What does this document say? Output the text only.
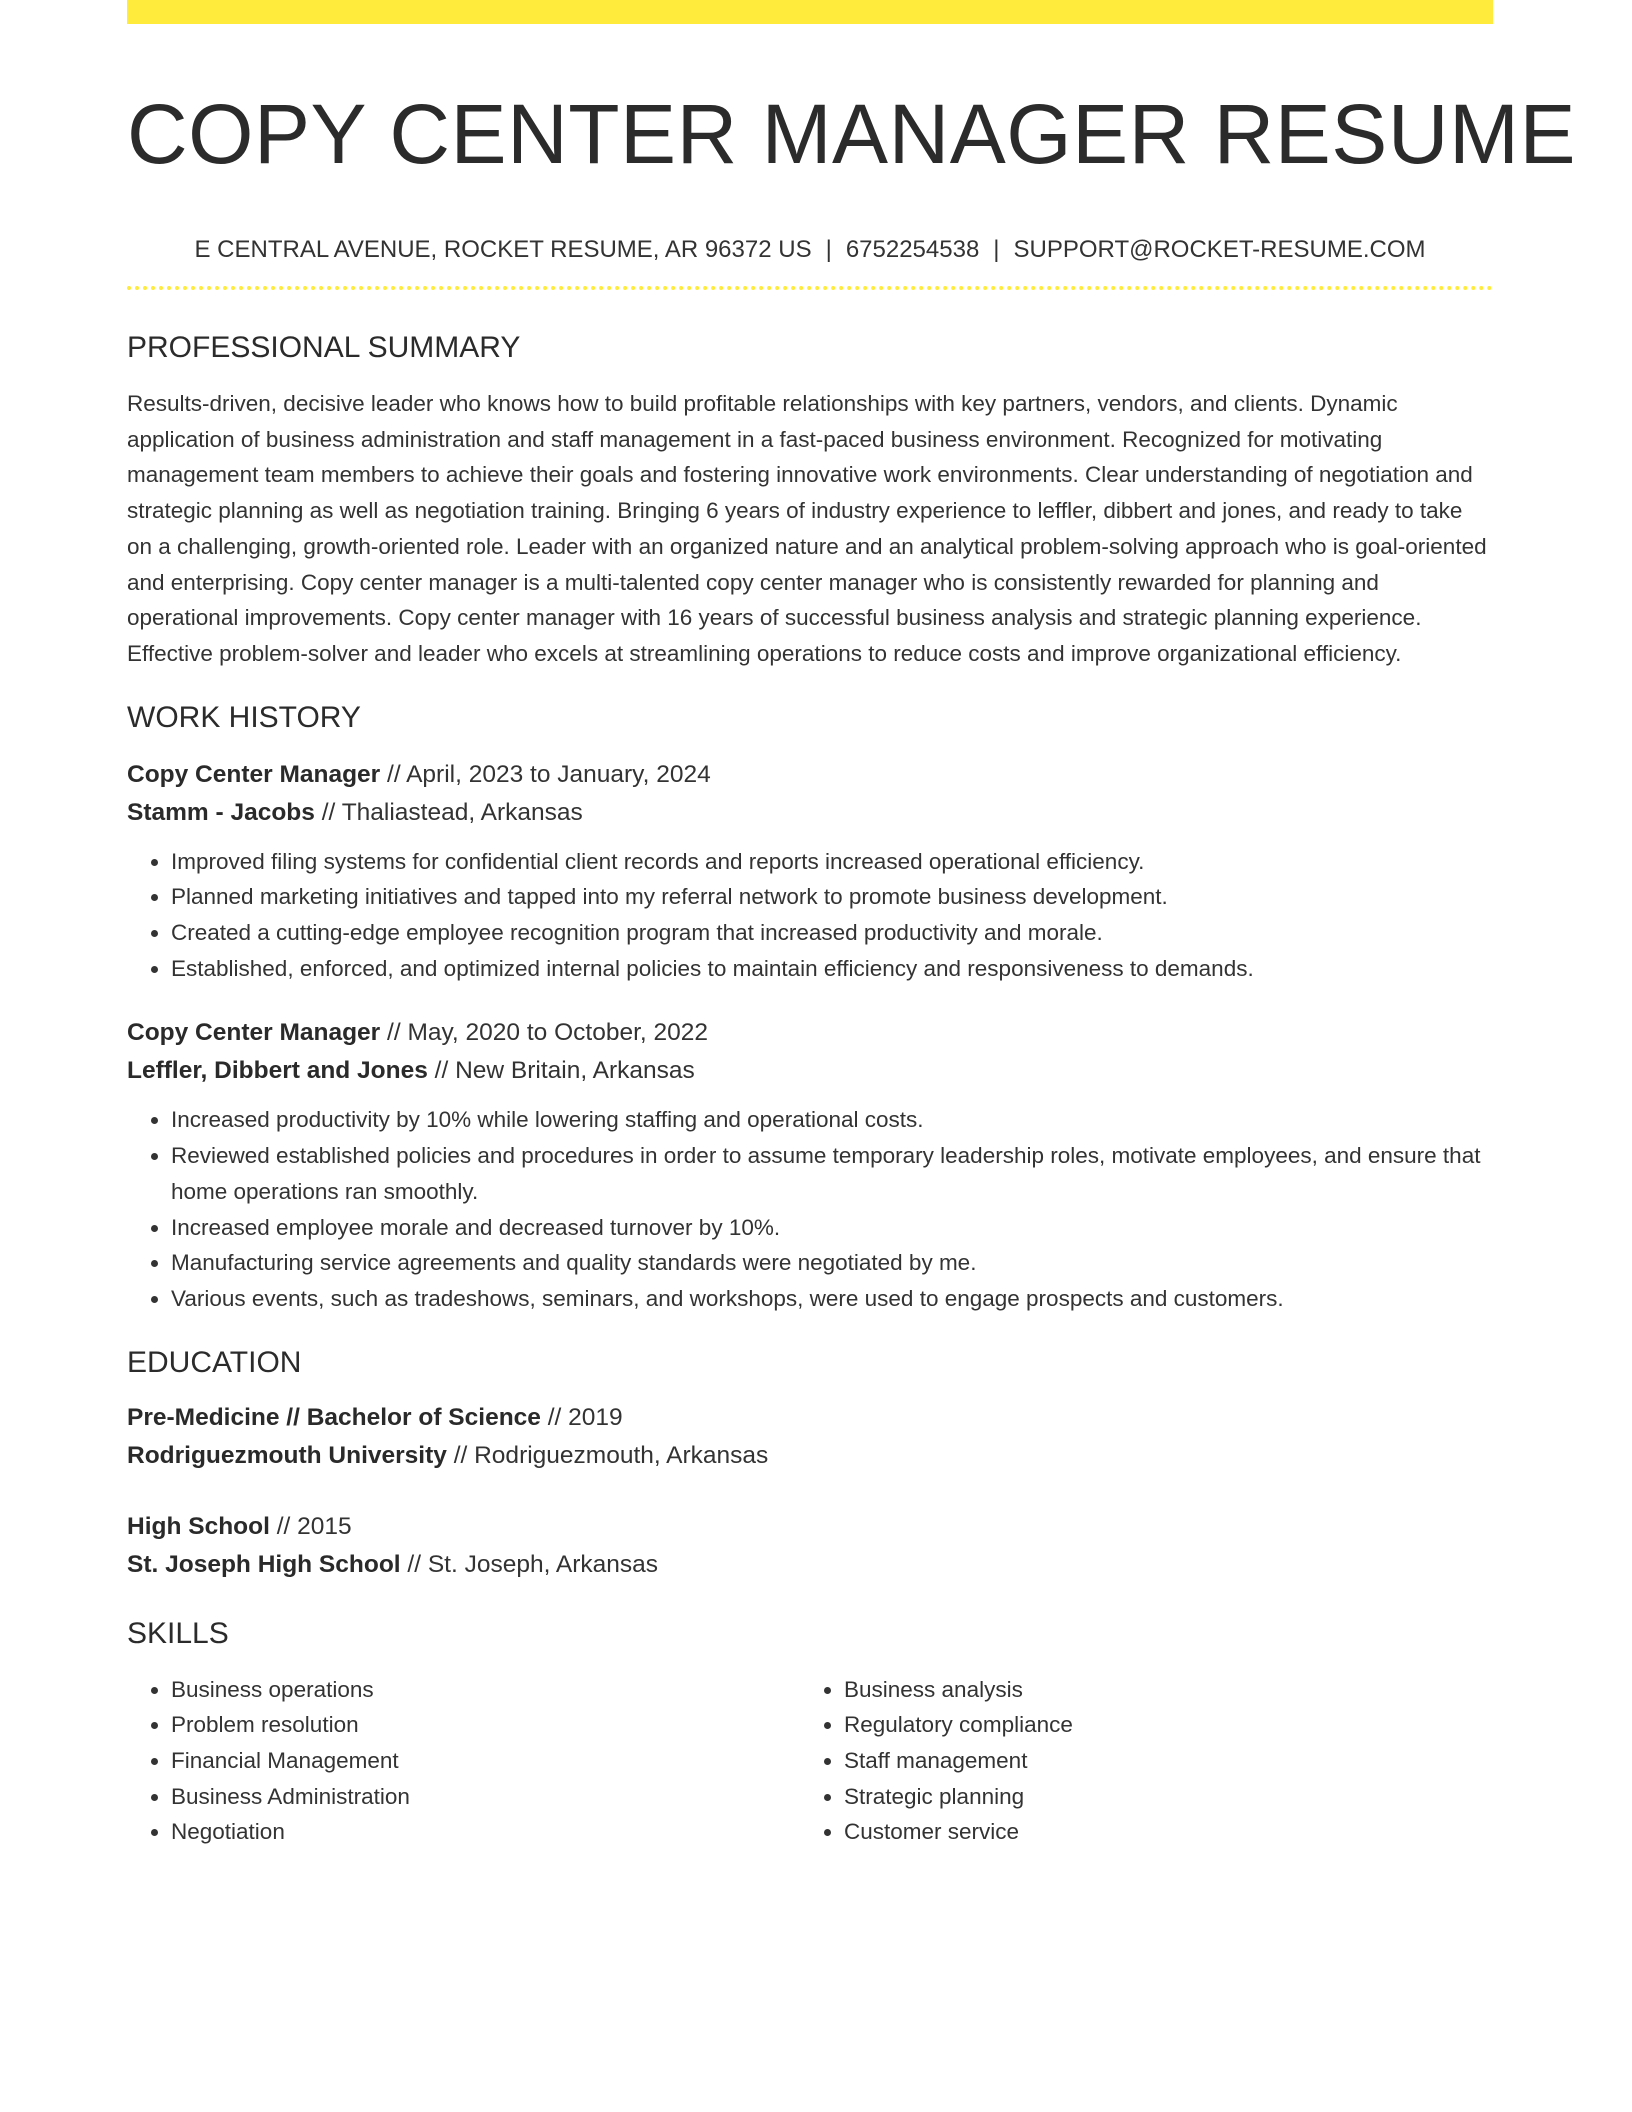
COPY CENTER MANAGER RESUME
E CENTRAL AVENUE, ROCKET RESUME, AR 96372 US | 6752254538 | SUPPORT@ROCKET-RESUME.COM
PROFESSIONAL SUMMARY

Results-driven, decisive leader who knows how to build profitable relationships with key partners, vendors, and clients. Dynamic application of business administration and staff management in a fast-paced business environment. Recognized for motivating management team members to achieve their goals and fostering innovative work environments. Clear understanding of negotiation and strategic planning as well as negotiation training. Bringing 6 years of industry experience to leffler, dibbert and jones, and ready to take on a challenging, growth-oriented role. Leader with an organized nature and an analytical problem-solving approach who is goal-oriented and enterprising. Copy center manager is a multi-talented copy center manager who is consistently rewarded for planning and operational improvements. Copy center manager with 16 years of successful business analysis and strategic planning experience. Effective problem-solver and leader who excels at streamlining operations to reduce costs and improve organizational efficiency.

WORK HISTORY
Copy Center Manager // April, 2023 to January, 2024
Stamm - Jacobs // Thaliastead, Arkansas
• Improved filing systems for confidential client records and reports increased operational efficiency.
• Planned marketing initiatives and tapped into my referral network to promote business development.
• Created a cutting-edge employee recognition program that increased productivity and morale.
• Established, enforced, and optimized internal policies to maintain efficiency and responsiveness to demands.
Copy Center Manager // May, 2020 to October, 2022
Leffler, Dibbert and Jones // New Britain, Arkansas
• Increased productivity by 10% while lowering staffing and operational costs.
• Reviewed established policies and procedures in order to assume temporary leadership roles, motivate employees, and ensure that home operations ran smoothly.
• Increased employee morale and decreased turnover by 10%.
• Manufacturing service agreements and quality standards were negotiated by me.
• Various events, such as tradeshows, seminars, and workshops, were used to engage prospects and customers.
EDUCATION
Pre-Medicine // Bachelor of Science // 2019
Rodriguezmouth University // Rodriguezmouth, Arkansas
High School // 2015
St. Joseph High School // St. Joseph, Arkansas
SKILLS
• Business operations
• Problem resolution
• Financial Management
• Business Administration
• Negotiation
• Business analysis
• Regulatory compliance
• Staff management
• Strategic planning
• Customer service
